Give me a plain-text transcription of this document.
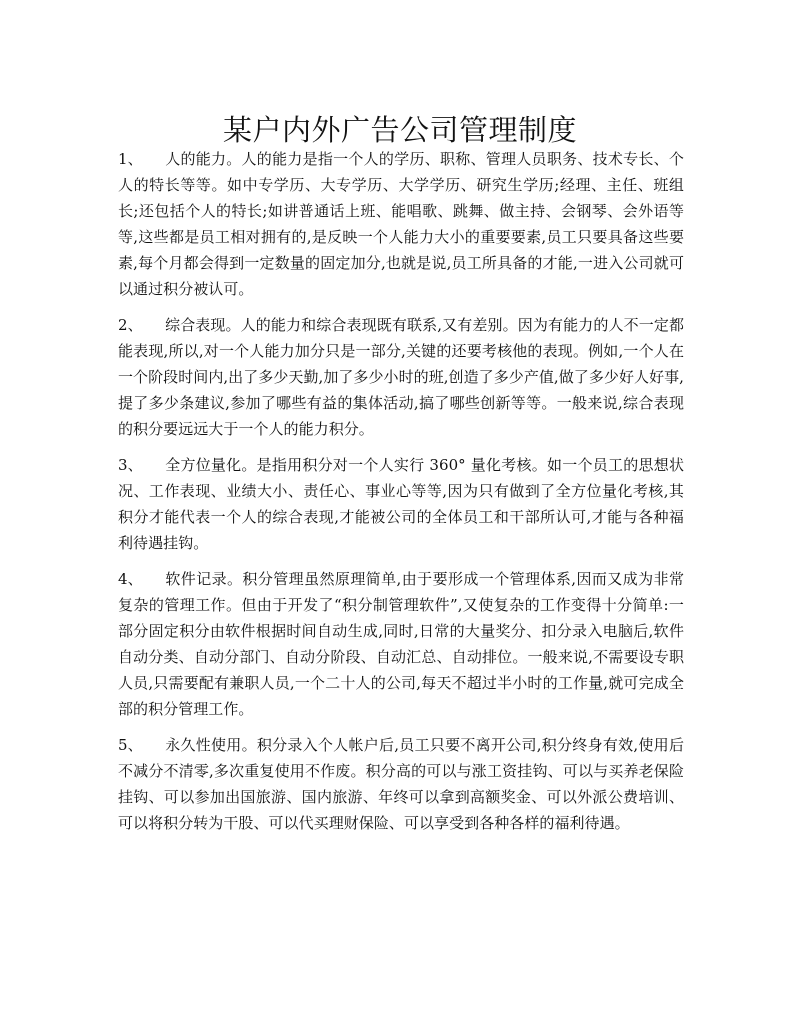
某户内外广告公司管理制度

1、 人的能力。人的能力是指一个人的学历、职称、管理人员职务、技术专长、个人的特长等等。如中专学历、大专学历、大学学历、研究生学历;经理、主任、班组长;还包括个人的特长;如讲普通话上班、能唱歌、跳舞、做主持、会钢琴、会外语等等,这些都是员工相对拥有的,是反映一个人能力大小的重要要素,员工只要具备这些要素,每个月都会得到一定数量的固定加分,也就是说,员工所具备的才能,一进入公司就可以通过积分被认可。

2、 综合表现。人的能力和综合表现既有联系,又有差别。因为有能力的人不一定都能表现,所以,对一个人能力加分只是一部分,关键的还要考核他的表现。例如,一个人在一个阶段时间内,出了多少天勤,加了多少小时的班,创造了多少产值,做了多少好人好事,提了多少条建议,参加了哪些有益的集体活动,搞了哪些创新等等。一般来说,综合表现的积分要远远大于一个人的能力积分。

3、 全方位量化。是指用积分对一个人实行 360° 量化考核。如一个员工的思想状况、工作表现、业绩大小、责任心、事业心等等,因为只有做到了全方位量化考核,其积分才能代表一个人的综合表现,才能被公司的全体员工和干部所认可,才能与各种福利待遇挂钩。

4、 软件记录。积分管理虽然原理简单,由于要形成一个管理体系,因而又成为非常复杂的管理工作。但由于开发了“积分制管理软件”,又使复杂的工作变得十分简单:一部分固定积分由软件根据时间自动生成,同时,日常的大量奖分、扣分录入电脑后,软件自动分类、自动分部门、自动分阶段、自动汇总、自动排位。一般来说,不需要设专职人员,只需要配有兼职人员,一个二十人的公司,每天不超过半小时的工作量,就可完成全部的积分管理工作。

5、 永久性使用。积分录入个人帐户后,员工只要不离开公司,积分终身有效,使用后不减分不清零,多次重复使用不作废。积分高的可以与涨工资挂钩、可以与买养老保险挂钩、可以参加出国旅游、国内旅游、年终可以拿到高额奖金、可以外派公费培训、可以将积分转为干股、可以代买理财保险、可以享受到各种各样的福利待遇。
